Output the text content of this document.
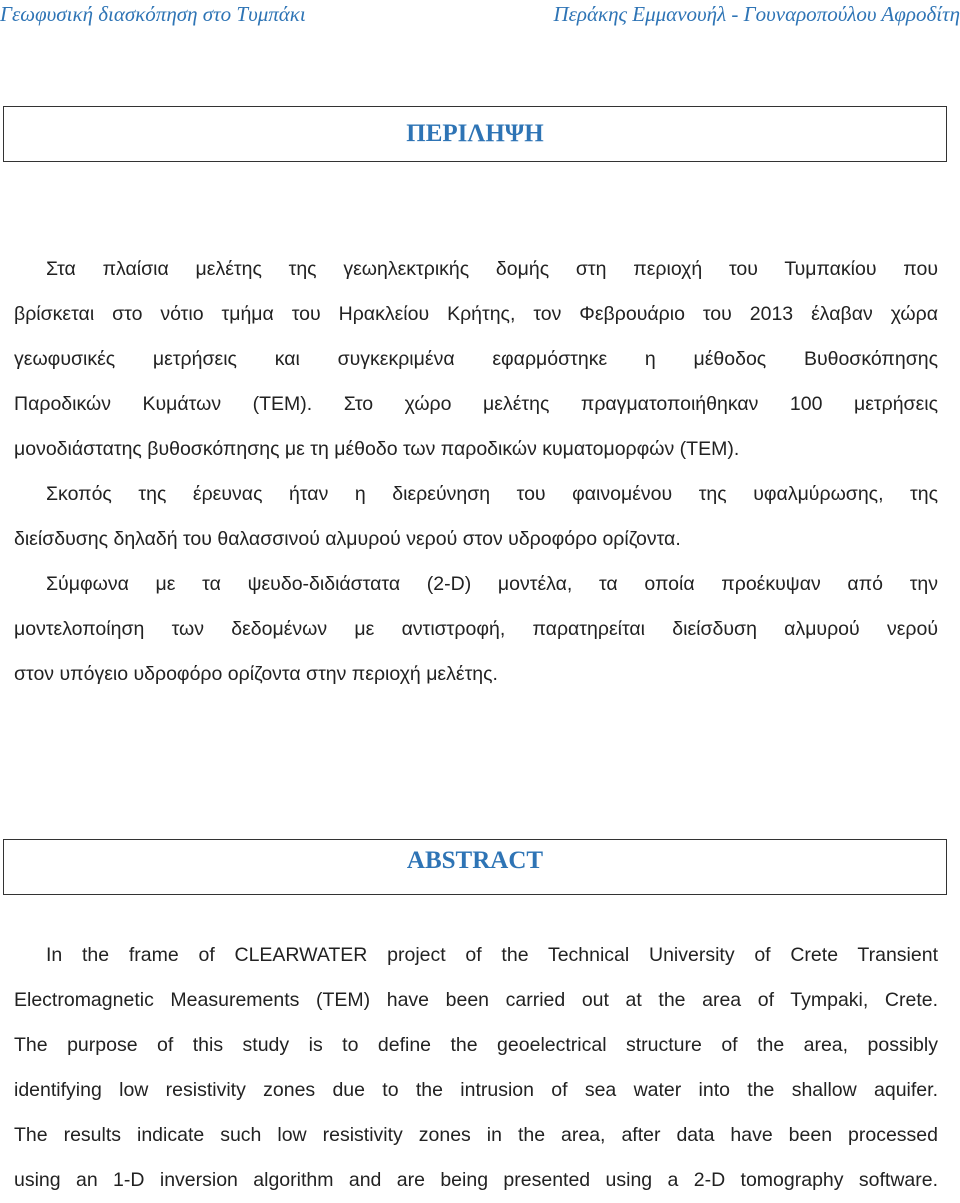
Γεωφυσική διασκόπηση στο Τυμπάκι	Περάκης Εμμανουήλ - Γουναροπούλου Αφροδίτη
ΠΕΡΙΛΗΨΗ
Στα πλαίσια μελέτης της γεωηλεκτρικής δομής στη περιοχή του Τυμπακίου που
βρίσκεται στο νότιο τμήμα του Ηρακλείου Κρήτης, τον Φεβρουάριο του 2013 έλαβαν χώρα
γεωφυσικές μετρήσεις και συγκεκριμένα εφαρμόστηκε η μέθοδος Βυθοσκόπησης
Παροδικών Κυμάτων (TEM). Στο χώρο μελέτης πραγματοποιήθηκαν 100 μετρήσεις
μονοδιάστατης βυθοσκόπησης με τη μέθοδο των παροδικών κυματομορφών (TEM).
Σκοπός της έρευνας ήταν η διερεύνηση του φαινομένου της υφαλμύρωσης, της
διείσδυσης δηλαδή του θαλασσινού αλμυρού νερού στον υδροφόρο ορίζοντα.
Σύμφωνα με τα ψευδο-διδιάστατα (2-D) μοντέλα, τα οποία προέκυψαν από την
μοντελοποίηση των δεδομένων με αντιστροφή, παρατηρείται διείσδυση αλμυρού νερού
στον υπόγειο υδροφόρο ορίζοντα στην περιοχή μελέτης.
ABSTRACT
In the frame of CLEARWATER project of the Technical University of Crete Transient
Electromagnetic Measurements (TEM) have been carried out at the area of Tympaki, Crete.
The purpose of this study is to define the geoelectrical structure of the area, possibly
identifying low resistivity zones due to the intrusion of sea water into the shallow aquifer.
The results indicate such low resistivity zones in the area, after data have been processed
using an 1-D inversion algorithm and are being presented using a 2-D tomography software.
